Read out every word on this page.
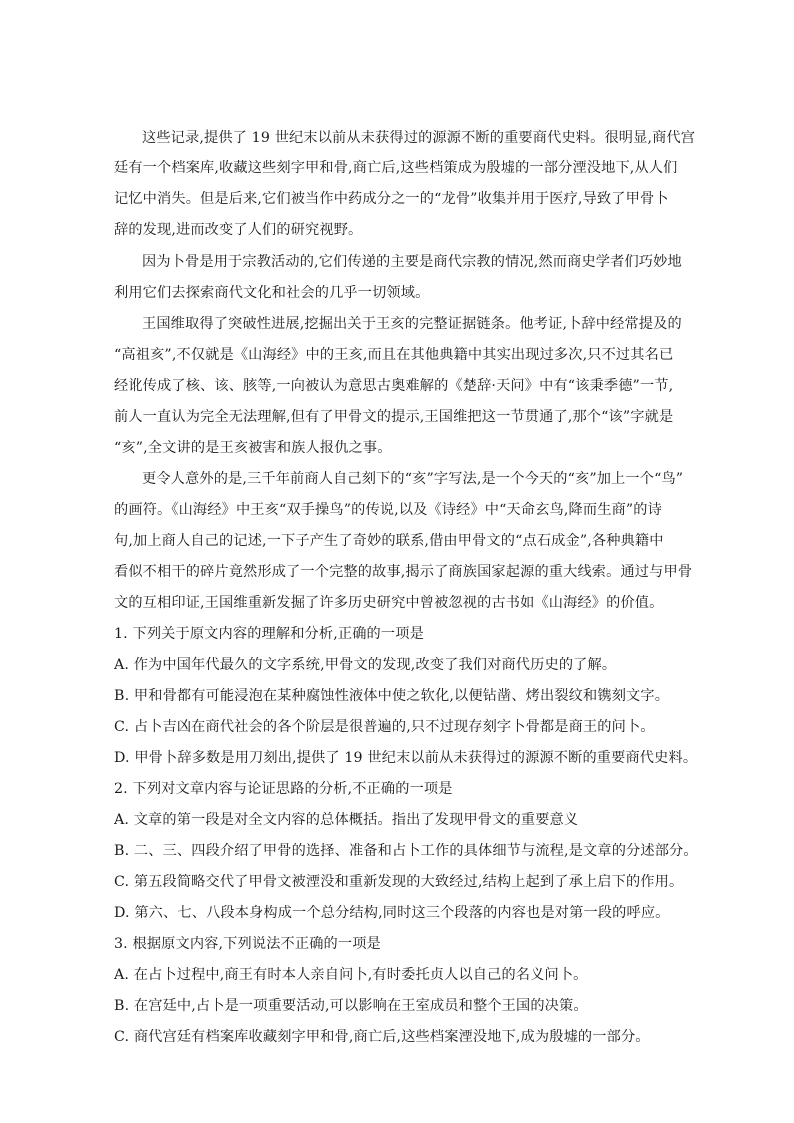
这些记录,提供了 19 世纪末以前从未获得过的源源不断的重要商代史料。很明显,商代宫
廷有一个档案库,收藏这些刻字甲和骨,商亡后,这些档策成为殷墟的一部分湮没地下,从人们
记忆中消失。但是后来,它们被当作中药成分之一的“龙骨”收集并用于医疗,导致了甲骨卜
辞的发现,进而改变了人们的研究视野。
因为卜骨是用于宗教活动的,它们传递的主要是商代宗教的情况,然而商史学者们巧妙地
利用它们去探索商代文化和社会的几乎一切领域。
王国维取得了突破性进展,挖掘出关于王亥的完整证据链条。他考证,卜辞中经常提及的
“高祖亥”,不仅就是《山海经》中的王亥,而且在其他典籍中其实出现过多次,只不过其名已
经讹传成了核、该、胲等,一向被认为意思古奥难解的《楚辞·天问》中有“该秉季德”一节,
前人一直认为完全无法理解,但有了甲骨文的提示,王国维把这一节贯通了,那个“该”字就是
“亥”,全文讲的是王亥被害和族人报仇之事。
更令人意外的是,三千年前商人自己刻下的“亥”字写法,是一个今天的“亥”加上一个“鸟”
的画符。《山海经》中王亥“双手操鸟”的传说,以及《诗经》中“天命玄鸟,降而生商”的诗
句,加上商人自己的记述,一下子产生了奇妙的联系,借由甲骨文的“点石成金”,各种典籍中
看似不相干的碎片竟然形成了一个完整的故事,揭示了商族国家起源的重大线索。通过与甲骨
文的互相印证,王国维重新发掘了许多历史研究中曾被忽视的古书如《山海经》的价值。
1. 下列关于原文内容的理解和分析,正确的一项是
A. 作为中国年代最久的文字系统,甲骨文的发现,改变了我们对商代历史的了解。
B. 甲和骨都有可能浸泡在某种腐蚀性液体中使之软化,以便钻凿、烤出裂纹和镌刻文字。
C. 占卜吉凶在商代社会的各个阶层是很普遍的,只不过现存刻字卜骨都是商王的问卜。
D. 甲骨卜辞多数是用刀刻出,提供了 19 世纪末以前从未获得过的源源不断的重要商代史料。
2. 下列对文章内容与论证思路的分析,不正确的一项是
A. 文章的第一段是对全文内容的总体概括。指出了发现甲骨文的重要意义
B. 二、三、四段介绍了甲骨的选择、准备和占卜工作的具体细节与流程,是文章的分述部分。
C. 第五段简略交代了甲骨文被湮没和重新发现的大致经过,结构上起到了承上启下的作用。
D. 第六、七、八段本身构成一个总分结构,同时这三个段落的内容也是对第一段的呼应。
3. 根据原文内容,下列说法不正确的一项是
A. 在占卜过程中,商王有时本人亲自问卜,有时委托贞人以自己的名义问卜。
B. 在宫廷中,占卜是一项重要活动,可以影响在王室成员和整个王国的决策。
C. 商代宫廷有档案库收藏刻字甲和骨,商亡后,这些档案湮没地下,成为殷墟的一部分。
